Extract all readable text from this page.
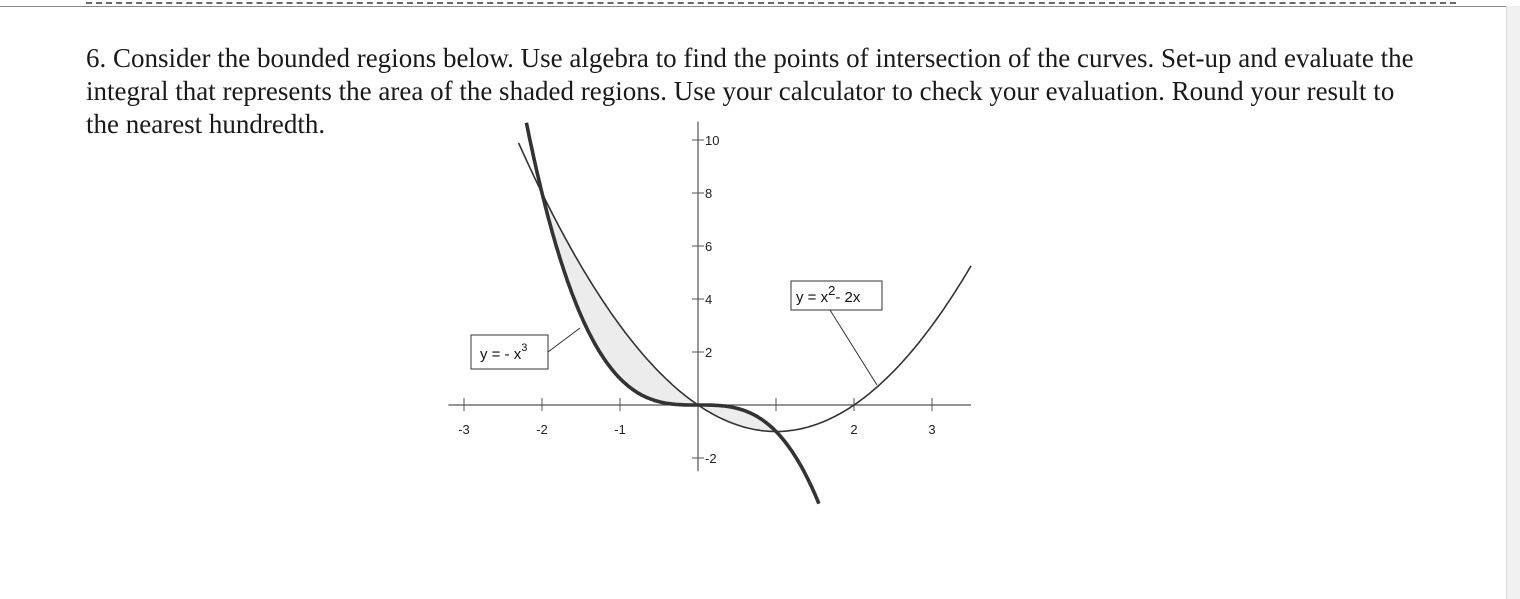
6. Consider the bounded regions below. Use algebra to find the points of intersection of the curves. Set-up and evaluate the integral that represents the area of the shaded regions. Use your calculator to check your evaluation. Round your result to the nearest hundredth.

-3	-2	-1	2	3
10
8
6
4
2
-2
y = - $x^3$
y = x2- 2x
